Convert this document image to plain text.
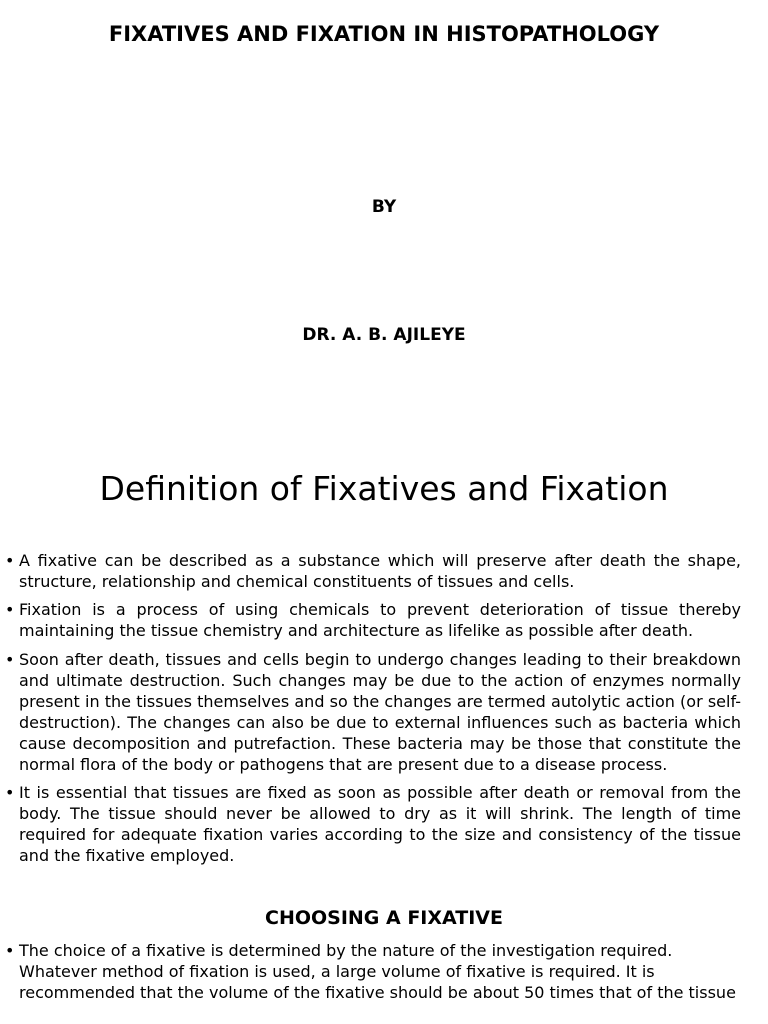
FIXATIVES AND FIXATION IN HISTOPATHOLOGY
BY
DR. A. B. AJILEYE
Definition of Fixatives and Fixation
• A fixative can be described as a substance which will preserve after death the shape, structure, relationship and chemical constituents of tissues and cells.
• Fixation is a process of using chemicals to prevent deterioration of tissue thereby maintaining the tissue chemistry and architecture as lifelike as possible after death.
• Soon after death, tissues and cells begin to undergo changes leading to their breakdown and ultimate destruction. Such changes may be due to the action of enzymes normally present in the tissues themselves and so the changes are termed autolytic action (or self-destruction). The changes can also be due to external influences such as bacteria which cause decomposition and putrefaction. These bacteria may be those that constitute the normal flora of the body or pathogens that are present due to a disease process.
• It is essential that tissues are fixed as soon as possible after death or removal from the body. The tissue should never be allowed to dry as it will shrink. The length of time required for adequate fixation varies according to the size and consistency of the tissue and the fixative employed.
CHOOSING A FIXATIVE
• The choice of a fixative is determined by the nature of the investigation required. Whatever method of fixation is used, a large volume of fixative is required. It is recommended that the volume of the fixative should be about 50 times that of the tissue
